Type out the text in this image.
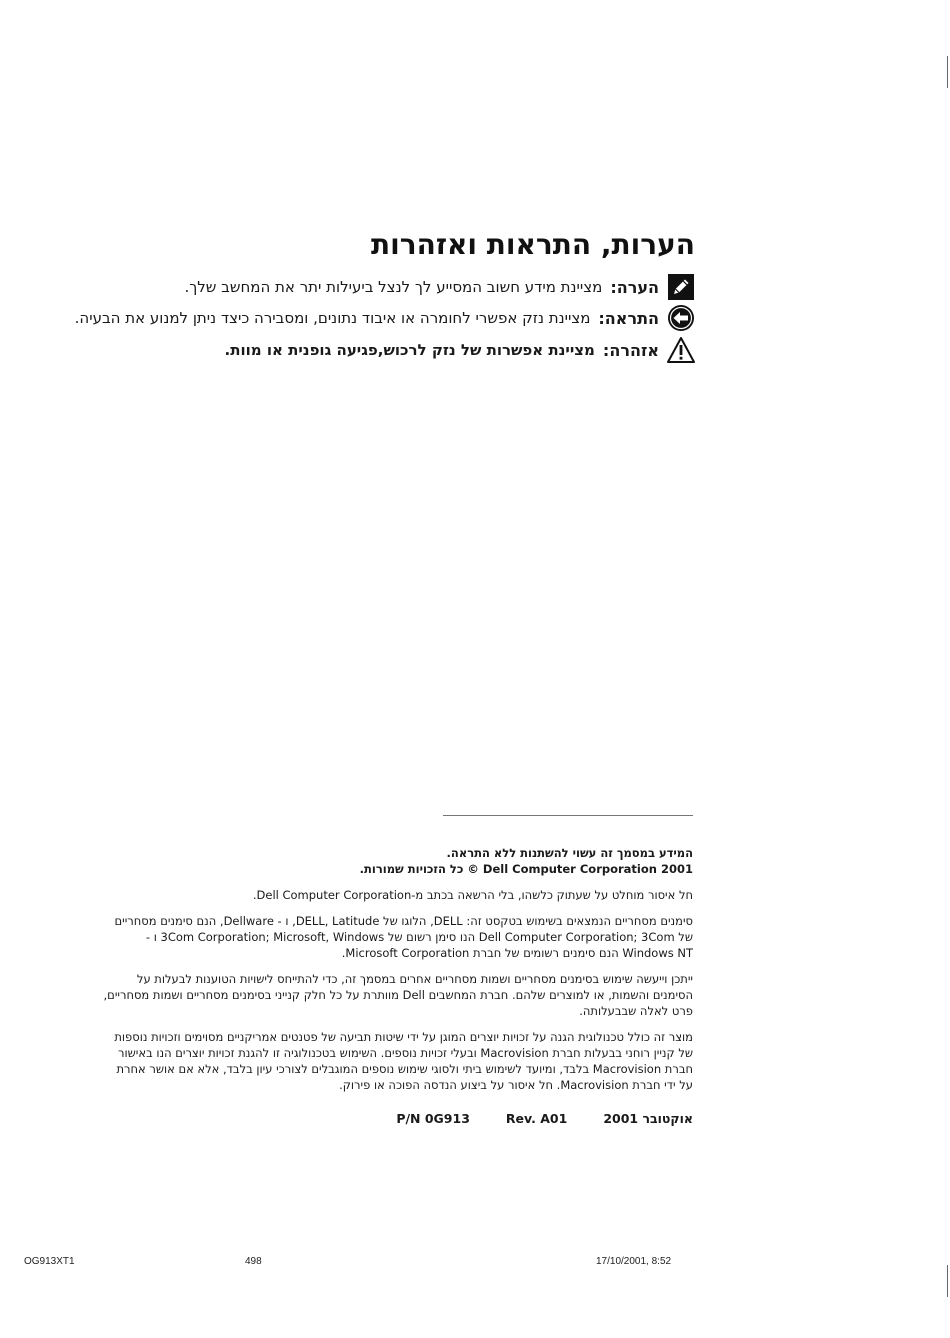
הערות, התראות ואזהרות
הערה:
מציינת מידע חשוב המסייע לך לנצל ביעילות יתר את המחשב שלך.
התראה:
מציינת נזק אפשרי לחומרה או איבוד נתונים, ומסבירה כיצד ניתן למנוע את הבעיה.
אזהרה:
מציינת אפשרות של נזק לרכוש,פגיעה גופנית או מוות.

המידע במסמך זה עשוי להשתנות ללא התראה.

2001 Dell Computer Corporation © כל הזכויות שמורות.

חל איסור מוחלט על שעתוק כלשהו, בלי הרשאה בכתב מ-Dell Computer Corporation.

סימנים מסחריים הנמצאים בשימוש בטקסט זה: DELL, הלוגו של DELL, Latitude, ו - Dellware, הנם סימנים מסחריים של Dell Computer Corporation; 3Com הנו סימן רשום של 3Com Corporation; Microsoft, Windows ו -Windows NT הנם סימנים רשומים של חברת Microsoft Corporation.

ייתכן וייעשה שימוש בסימנים מסחריים ושמות מסחריים אחרים במסמך זה, כדי להתייחס לישויות הטוענות לבעלות על הסימנים והשמות, או למוצרים שלהם. חברת המחשבים Dell מוותרת על כל חלק קנייני בסימנים מסחריים ושמות מסחריים, פרט לאלה שבבעלותה.

מוצר זה כולל טכנולוגית הגנה על זכויות יוצרים המוגן על ידי שיטות תביעה של פטנטים אמריקניים מסוימים וזכויות נוספות של קניין רוחני בבעלות חברת Macrovision ובעלי זכויות נוספים. השימוש בטכנולוגיה זו להגנת זכויות יוצרים הנו באישור חברת Macrovision בלבד, ומיועד לשימוש ביתי ולסוגי שימוש נוספים המוגבלים לצורכי עיון בלבד, אלא אם אושר אחרת על ידי חברת Macrovision. חל איסור על ביצוע הנדסה הפוכה או פירוק.

אוקטובר 2001
Rev. A01
P/N 0G913
OG913XT1	498	17/10/2001, 8:52
